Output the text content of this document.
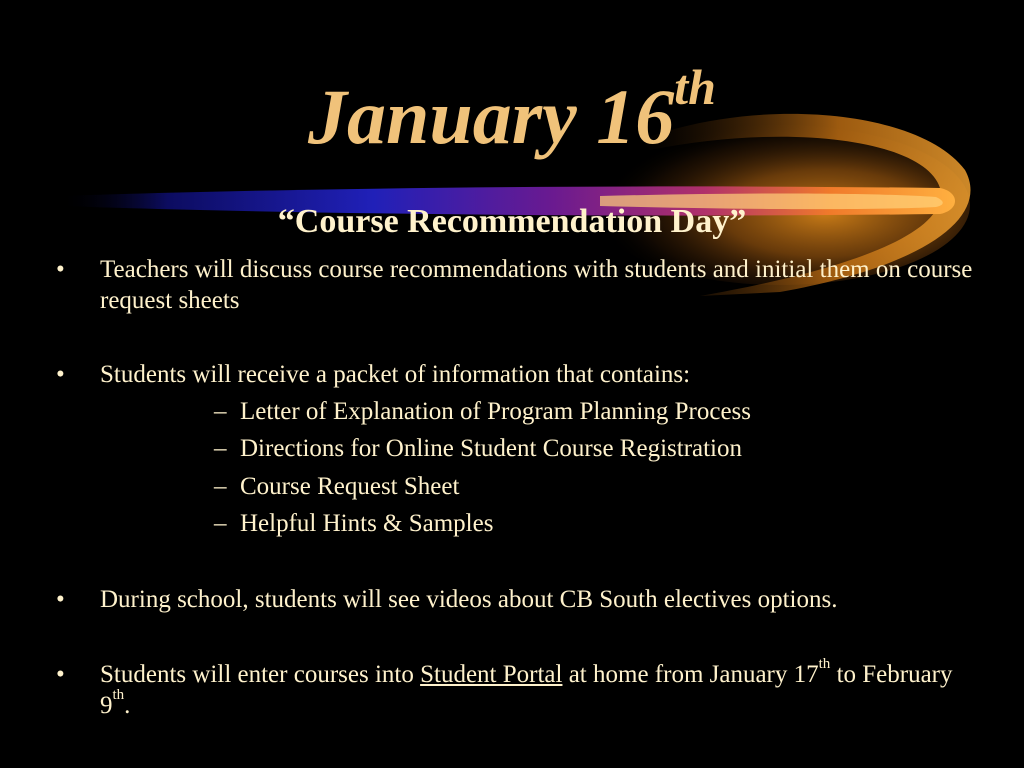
January 16th
“Course Recommendation Day”
•	Teachers will discuss course recommendations with students and initial them on course request sheets
•	Students will receive a packet of information that contains:
– Letter of Explanation of Program Planning Process
– Directions for Online Student Course Registration
– Course Request Sheet
– Helpful Hints & Samples
•	During school, students will see videos about CB South electives options.
•	Students will enter courses into Student Portal at home from January 17th to February 9th.
